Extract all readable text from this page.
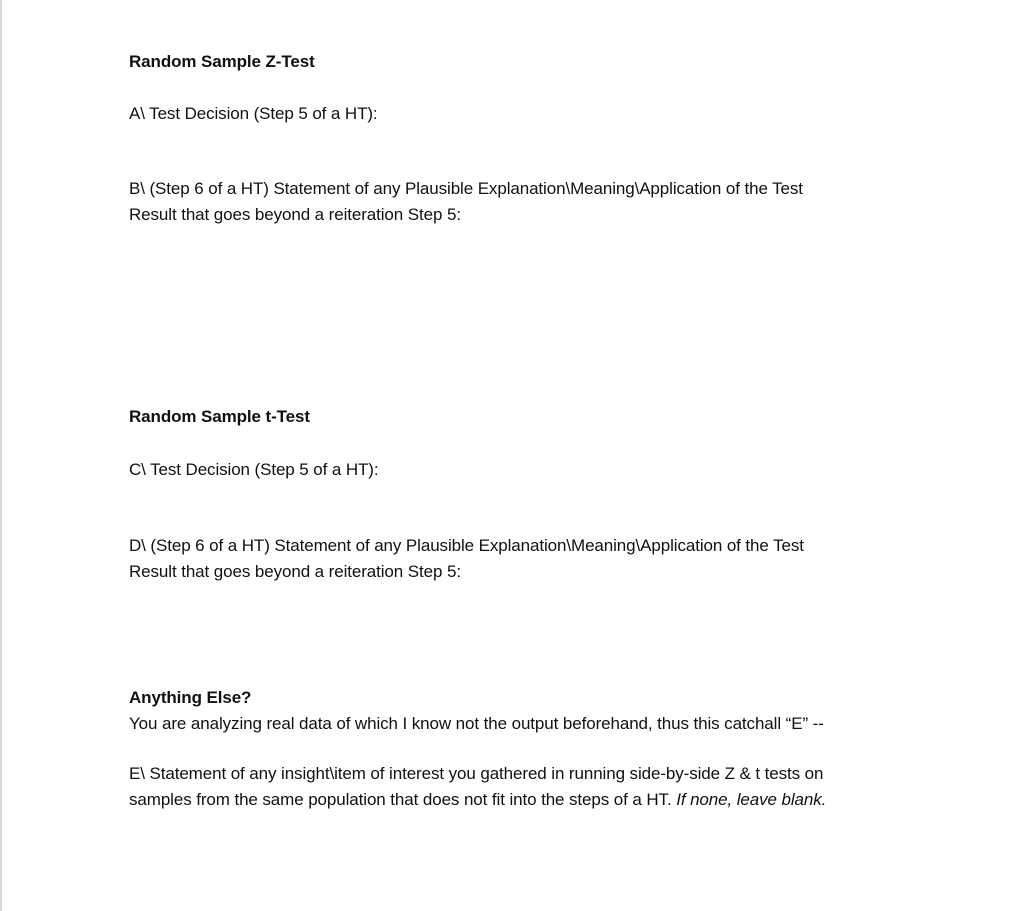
Random Sample Z-Test

A\ Test Decision (Step 5 of a HT):

B\ (Step 6 of a HT) Statement of any Plausible Explanation\Meaning\Application of the Test

Result that goes beyond a reiteration Step 5:

Random Sample t-Test

C\ Test Decision (Step 5 of a HT):

D\ (Step 6 of a HT) Statement of any Plausible Explanation\Meaning\Application of the Test

Result that goes beyond a reiteration Step 5:

Anything Else?

You are analyzing real data of which I know not the output beforehand, thus this catchall “E” --

E\ Statement of any insight\item of interest you gathered in running side-by-side Z & t tests on

samples from the same population that does not fit into the steps of a HT. If none, leave blank.
